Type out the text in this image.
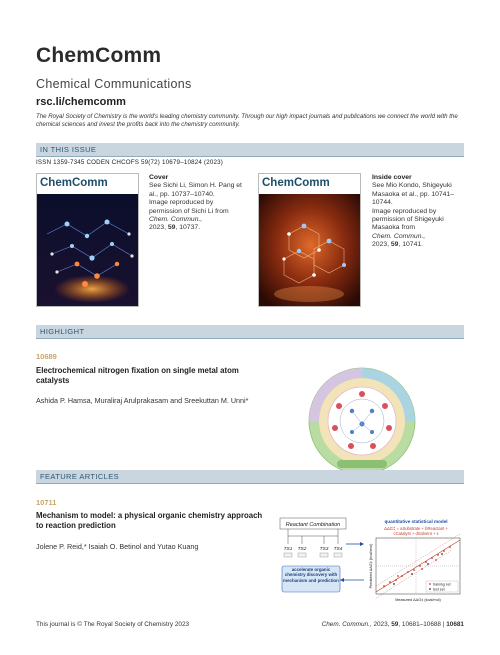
ChemComm
Chemical Communications
rsc.li/chemcomm
The Royal Society of Chemistry is the world's leading chemistry community. Through our high impact journals and publications we connect the world with the chemical sciences and invest the profits back into the chemistry community.
IN THIS ISSUE
ISSN 1359-7345 CODEN CHCOFS 59(72) 10679–10824 (2023)
ChemComm	Cover
See Sichi Li, Simon H. Pang et al., pp. 10737–10740.
Image reproduced by permission of Sichi Li from
Chem. Commun.,
2023, 59, 10737.
ChemComm	Inside cover
See Mio Kondo, Shigeyuki Masaoka et al., pp. 10741–10744.
Image reproduced by permission of Shigeyuki Masaoka from
Chem. Commun.,
2023, 59, 10741.
HIGHLIGHT
10689
Electrochemical nitrogen fixation on single metal atom catalysts
Ashida P. Hamsa, Muraliraj Arulprakasam and Sreekuttan M. Unni*
FEATURE ARTICLES
10711
Mechanism to model: a physical organic chemistry approach to reaction prediction
Jolene P. Reid,* Isaiah O. Betinol and Yutao Kuang
Reactant Combination
TS1 TS2	TS3 TS4
accelerate organic chemistry discovery with mechanism and prediction
quantitative statistical model
ΔΔG‡ = aSubstrate + bReactant +
cCatalyst + dSolvent + ε
training set
test set
Measured ΔΔG‡ (kcal/mol)
Predicted ΔΔG‡ (kcal/mol)
This journal is © The Royal Society of Chemistry 2023	Chem. Commun., 2023, 59, 10681–10688 | 10681
